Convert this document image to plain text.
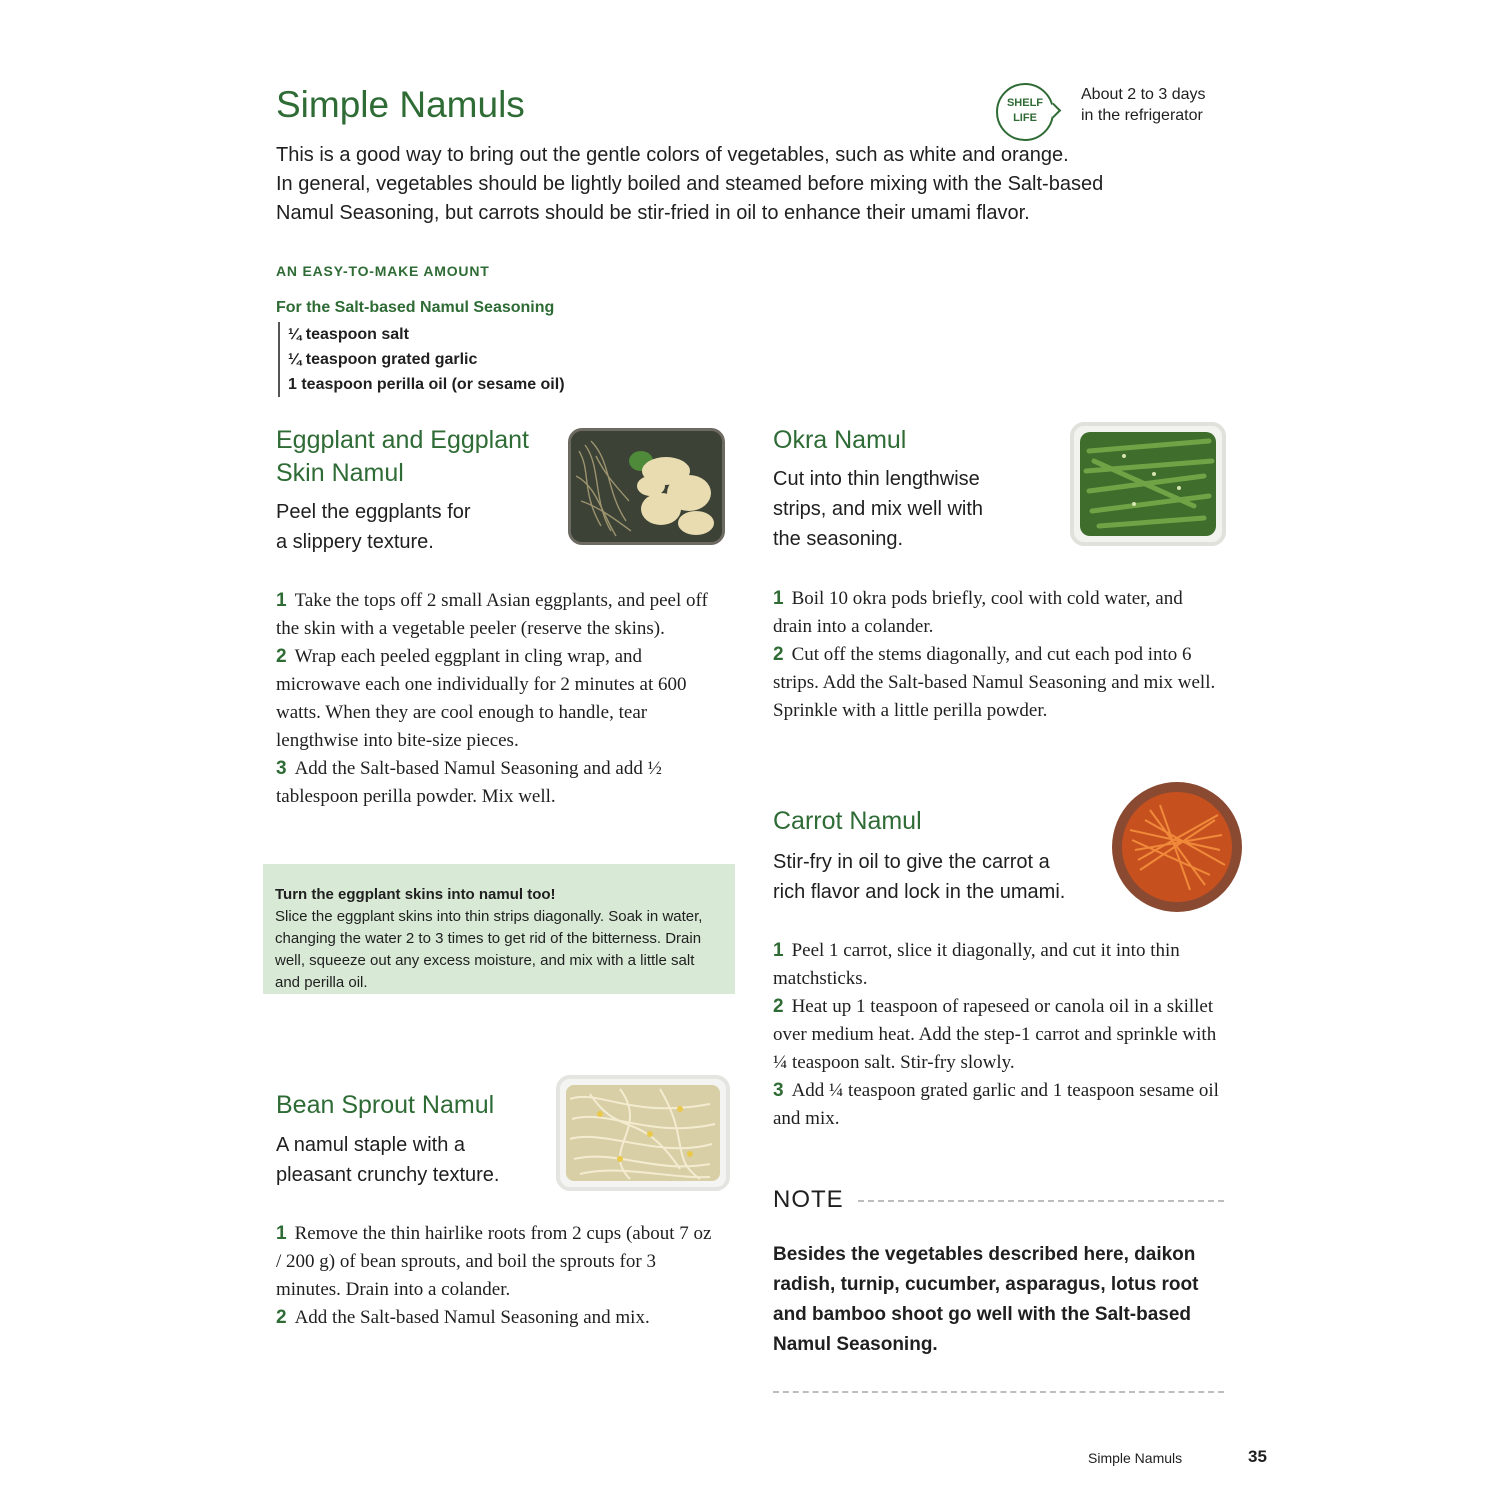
Simple Namuls	SHELF
LIFE
About 2 to 3 days
in the refrigerator
This is a good way to bring out the gentle colors of vegetables, such as white and orange.
In general, vegetables should be lightly boiled and steamed before mixing with the Salt-based
Namul Seasoning, but carrots should be stir-fried in oil to enhance their umami flavor.
AN EASY-TO-MAKE AMOUNT
For the Salt-based Namul Seasoning
¼ teaspoon salt
¼ teaspoon grated garlic
1 teaspoon perilla oil (or sesame oil)
Eggplant and Eggplant
Skin Namul
Peel the eggplants for
a slippery texture.

1 Take the tops off 2 small Asian eggplants, and peel off the skin with a vegetable peeler (reserve the skins).

2 Wrap each peeled eggplant in cling wrap, and microwave each one individually for 2 minutes at 600 watts. When they are cool enough to handle, tear lengthwise into bite-size pieces.

3 Add the Salt-based Namul Seasoning and add ½ tablespoon perilla powder. Mix well.

Turn the eggplant skins into namul too!
Slice the eggplant skins into thin strips diagonally. Soak in water, changing the water 2 to 3 times to get rid of the bitterness. Drain well, squeeze out any excess moisture, and mix with a little salt and perilla oil.
Bean Sprout Namul
A namul staple with a
pleasant crunchy texture.

1 Remove the thin hairlike roots from 2 cups (about 7 oz / 200 g) of bean sprouts, and boil the sprouts for 3 minutes. Drain into a colander.

2 Add the Salt-based Namul Seasoning and mix.

Okra Namul
Cut into thin lengthwise
strips, and mix well with
the seasoning.

1 Boil 10 okra pods briefly, cool with cold water, and drain into a colander.

2 Cut off the stems diagonally, and cut each pod into 6 strips. Add the Salt-based Namul Seasoning and mix well. Sprinkle with a little perilla powder.

Carrot Namul
Stir-fry in oil to give the carrot a
rich flavor and lock in the umami.

1 Peel 1 carrot, slice it diagonally, and cut it into thin matchsticks.

2 Heat up 1 teaspoon of rapeseed or canola oil in a skillet over medium heat. Add the step-1 carrot and sprinkle with ¼ teaspoon salt. Stir-fry slowly.

3 Add ¼ teaspoon grated garlic and 1 teaspoon sesame oil and mix.

NOTE
Besides the vegetables described here, daikon radish, turnip, cucumber, asparagus, lotus root and bamboo shoot go well with the Salt-based Namul Seasoning.
Simple Namuls	35
